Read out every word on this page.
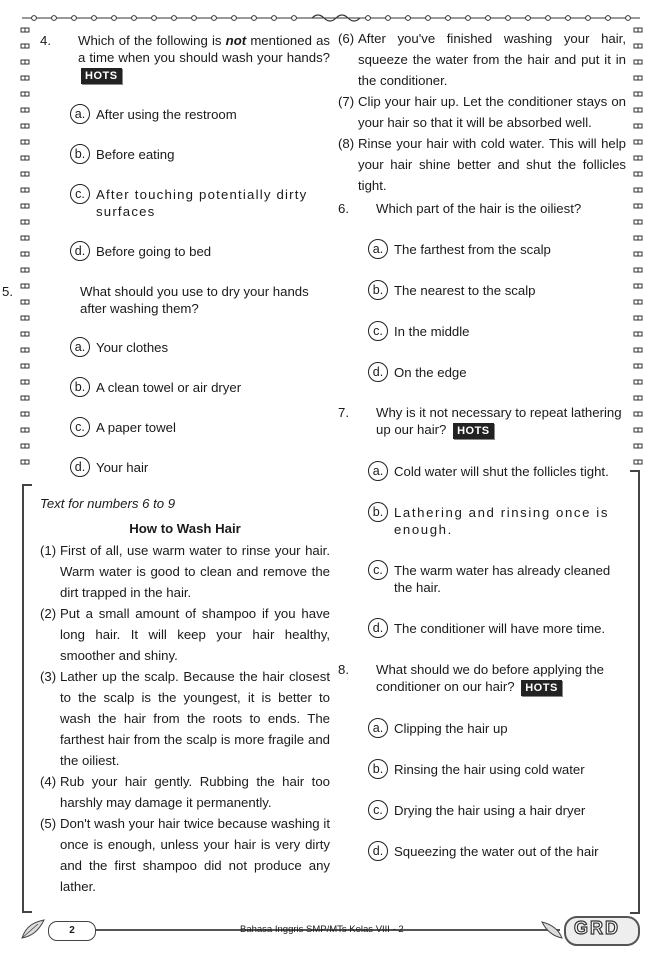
4. Which of the following is not mentioned as a time when you should wash your hands? HOTS
a. After using the restroom
b. Before eating
c. After touching potentially dirty surfaces
d. Before going to bed
5.	What should you use to dry your hands after washing them?
a. Your clothes
b. A clean towel or air dryer
c. A paper towel
d. Your hair
Text for numbers 6 to 9
How to Wash Hair
(1) First of all, use warm water to rinse your hair. Warm water is good to clean and remove the dirt trapped in the hair.
(2) Put a small amount of shampoo if you have long hair. It will keep your hair healthy, smoother and shiny.
(3) Lather up the scalp. Because the hair closest to the scalp is the youngest, it is better to wash the hair from the roots to ends. The farthest hair from the scalp is more fragile and the oiliest.
(4) Rub your hair gently. Rubbing the hair too harshly may damage it permanently.
(5) Don't wash your hair twice because washing it once is enough, unless your hair is very dirty and the first shampoo did not produce any lather.
(6) After you've finished washing your hair, squeeze the water from the hair and put it in the conditioner.
(7) Clip your hair up. Let the conditioner stays on your hair so that it will be absorbed well.
(8) Rinse your hair with cold water. This will help your hair shine better and shut the follicles tight.
6. Which part of the hair is the oiliest?
a. The farthest from the scalp
b. The nearest to the scalp
c. In the middle
d. On the edge
7. Why is it not necessary to repeat lathering up our hair? HOTS
a. Cold water will shut the follicles tight.
b. Lathering and rinsing once is enough.
c. The warm water has already cleaned the hair.
d. The conditioner will have more time.
8. What should we do before applying the conditioner on our hair? HOTS
a. Clipping the hair up
b. Rinsing the hair using cold water
c. Drying the hair using a hair dryer
d. Squeezing the water out of the hair
2	Bahasa Inggris SMP/MTs Kelas VIII - 2	GRD
